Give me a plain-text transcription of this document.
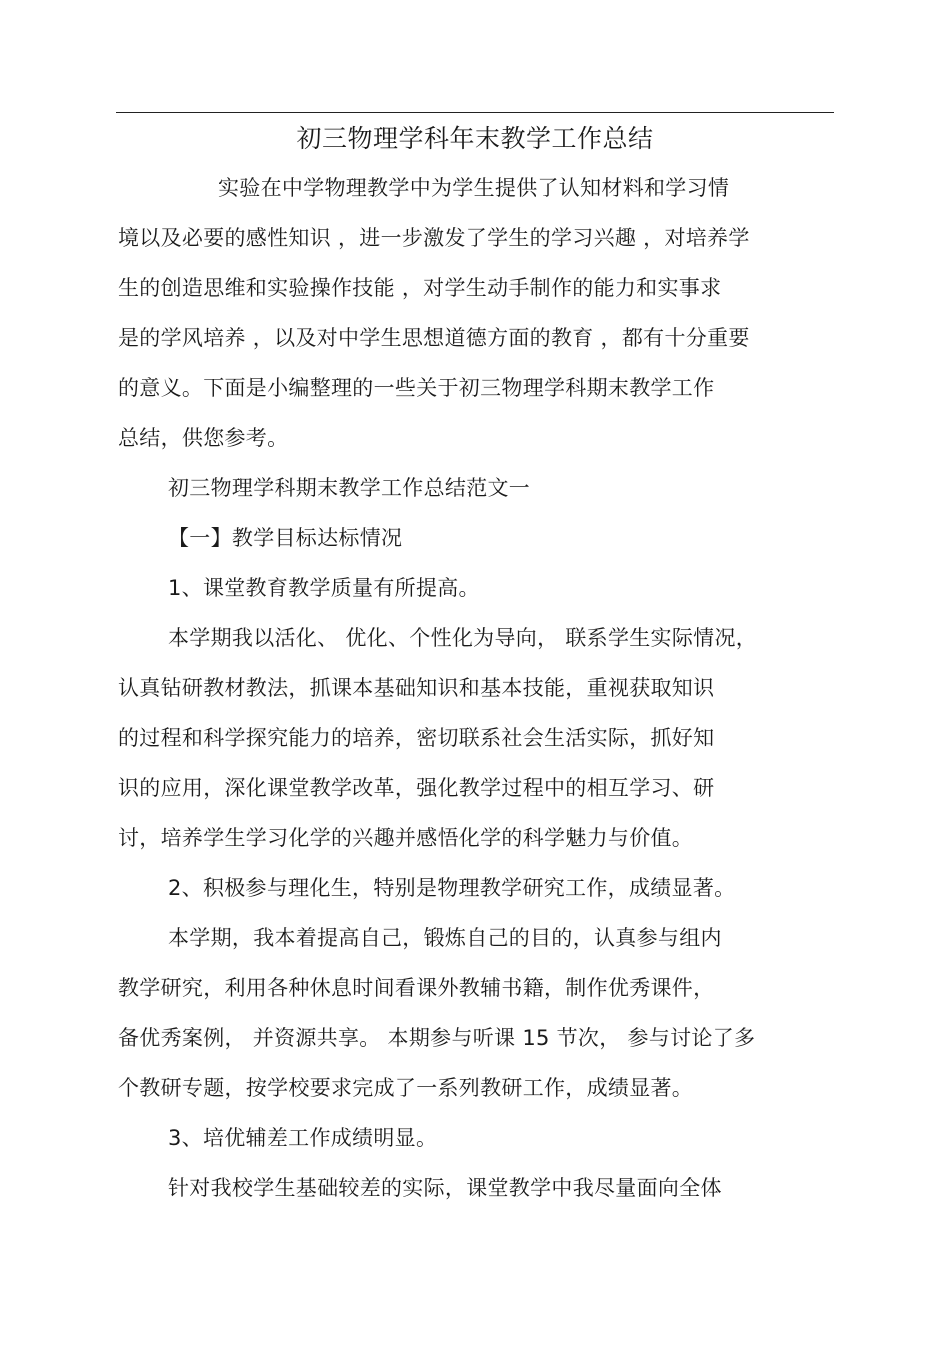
初三物理学科年末教学工作总结
实验在中学物理教学中为学生提供了认知材料和学习情
境以及必要的感性知识 ，进一步激发了学生的学习兴趣 ，对培养学
生的创造思维和实验操作技能 ，对学生动手制作的能力和实事求
是的学风培养 ，以及对中学生思想道德方面的教育 ，都有十分重要
的意义。下面是小编整理的一些关于初三物理学科期末教学工作
总结，供您参考。
初三物理学科期末教学工作总结范文一
【一】教学目标达标情况
1、课堂教育教学质量有所提高。
本学期我以活化、 优化、个性化为导向， 联系学生实际情况，
认真钻研教材教法，抓课本基础知识和基本技能，重视获取知识
的过程和科学探究能力的培养，密切联系社会生活实际，抓好知
识的应用，深化课堂教学改革，强化教学过程中的相互学习、研
讨，培养学生学习化学的兴趣并感悟化学的科学魅力与价值。
2、积极参与理化生，特别是物理教学研究工作，成绩显著。
本学期，我本着提高自己，锻炼自己的目的，认真参与组内
教学研究，利用各种休息时间看课外教辅书籍，制作优秀课件，
备优秀案例， 并资源共享。 本期参与听课 15 节次， 参与讨论了多
个教研专题，按学校要求完成了一系列教研工作，成绩显著。
3、培优辅差工作成绩明显。
针对我校学生基础较差的实际，课堂教学中我尽量面向全体
